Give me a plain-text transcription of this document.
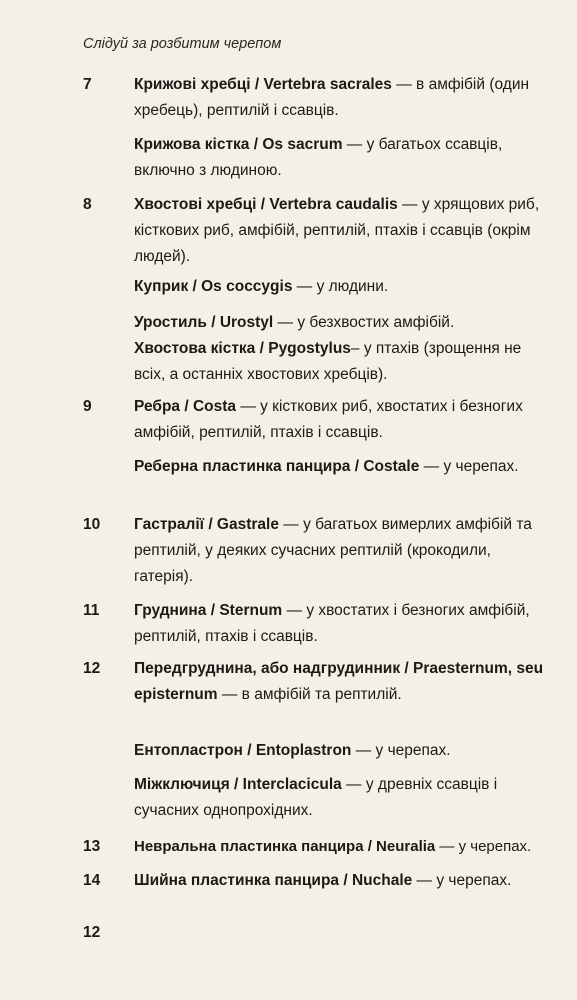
Слідуй за розбитим черепом
7	Крижові хребці / Vertebra sacrales — в амфібій (один хребець), рептилій і ссавців.
Крижова кістка / Os sacrum — у багатьох ссавців, включно з людиною.
8	Хвостові хребці / Vertebra caudalis — у хрящових риб, кісткових риб, амфібій, рептилій, птахів і ссавців (окрім людей).
Куприк / Os coccygis — у людини.
Уростиль / Urostyl — у безхвостих амфібій.
Хвостова кістка / Pygostylus– у птахів (зрощення не всіх, а останніх хвостових хребців).
9	Ребра / Costa — у кісткових риб, хвостатих і безногих амфібій, рептилій, птахів і ссавців.
Реберна пластинка панцира / Costale — у черепах.
10	Гастралії / Gastrale — у багатьох вимерлих амфібій та рептилій, у деяких сучасних рептилій (крокодили, гатерія).
11	Груднина / Sternum — у хвостатих і безногих амфібій, рептилій, птахів і ссавців.
12	Передгруднина, або надгрудинник / Praesternum, seu episternum — в амфібій та рептилій.
Ентопластрон / Entoplastron — у черепах.
Міжключиця / Interclacicula — у древніх ссавців і сучасних однопрохідних.
13	Невральна пластинка панцира / Neuralia — у черепах.
14	Шийна пластинка панцира / Nuchale — у черепах.
12
